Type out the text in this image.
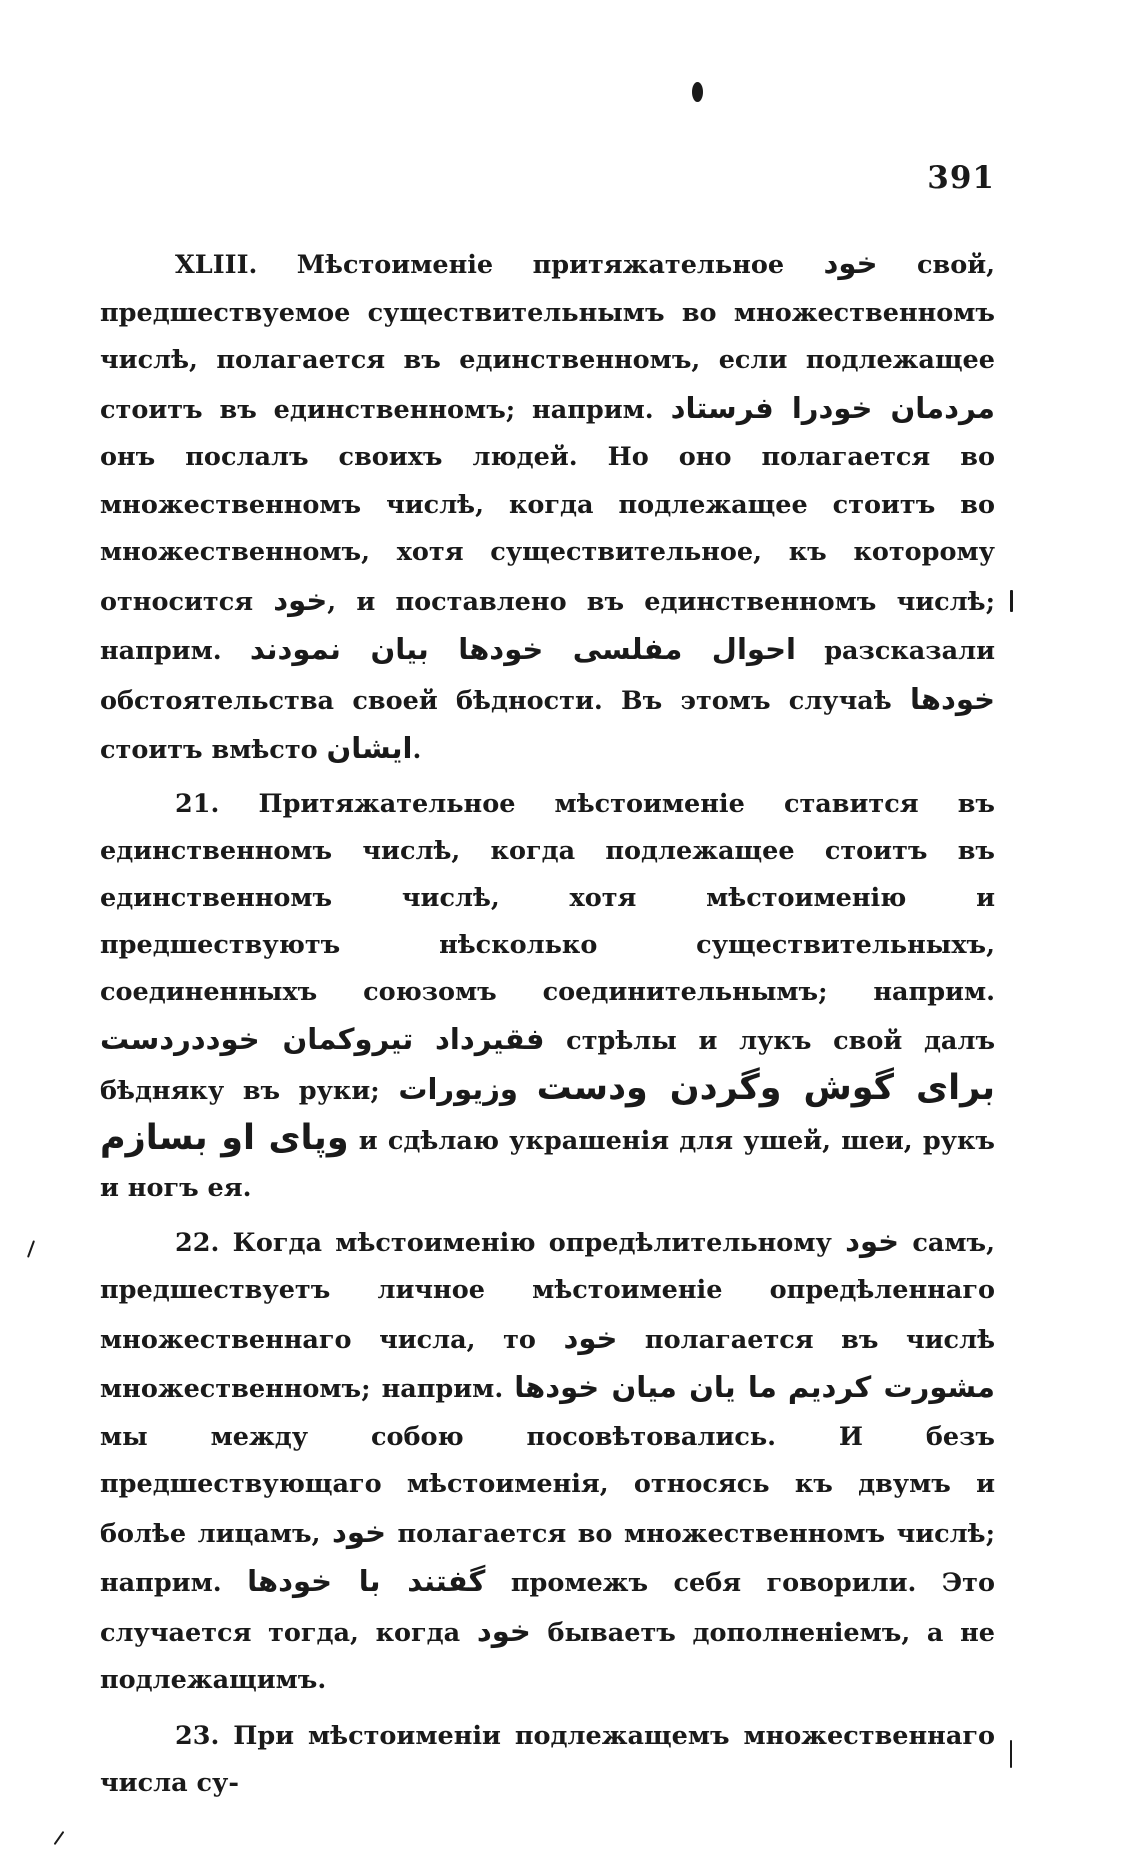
391

XLIII. Мѣстоименіе притяжательное خود свой, предшествуемое существительнымъ во множественномъ числѣ, полагается въ единственномъ, если подлежащее стоитъ въ единственномъ; наприм. مردمان خودرا فرستاد онъ послалъ своихъ людей. Но оно полагается во множественномъ числѣ, когда подлежащее стоитъ во множественномъ, хотя существительное, къ которому относится خود, и поставлено въ единственномъ числѣ; наприм. احوال مفلسی خودها بیان نمودند разсказали обстоятельства своей бѣдности. Въ этомъ случаѣ خودها стоитъ вмѣсто ایشان.

21. Притяжательное мѣстоименіе ставится въ единственномъ числѣ, когда подлежащее стоитъ въ единственномъ числѣ, хотя мѣстоименію и предшествуютъ нѣсколько существительныхъ, соединенныхъ союзомъ соединительнымъ; наприм. تیروکمان خوددردست فقیرداد стрѣлы и лукъ свой далъ бѣдняку въ руки; وزیورات برای گوش وگردن ودست وپای او بسازم и сдѣлаю украшенія для ушей, шеи, рукъ и ногъ ея.

22. Когда мѣстоименію опредѣлительному خود самъ, предшествуетъ личное мѣстоименіе опредѣленнаго множественнаго числа, то خود полагается въ числѣ множественномъ; наприм. ما یان میان خودها مشورت کردیم мы между собою посовѣтовались. И безъ предшествующаго мѣстоименія, относясь къ двумъ и болѣе лицамъ, خود полагается во множественномъ числѣ; наприм. گفتند با خودها промежъ себя говорили. Это случается тогда, когда خود бываетъ дополненіемъ, а не подлежащимъ.

23. При мѣстоименіи подлежащемъ множественнаго числа су-
